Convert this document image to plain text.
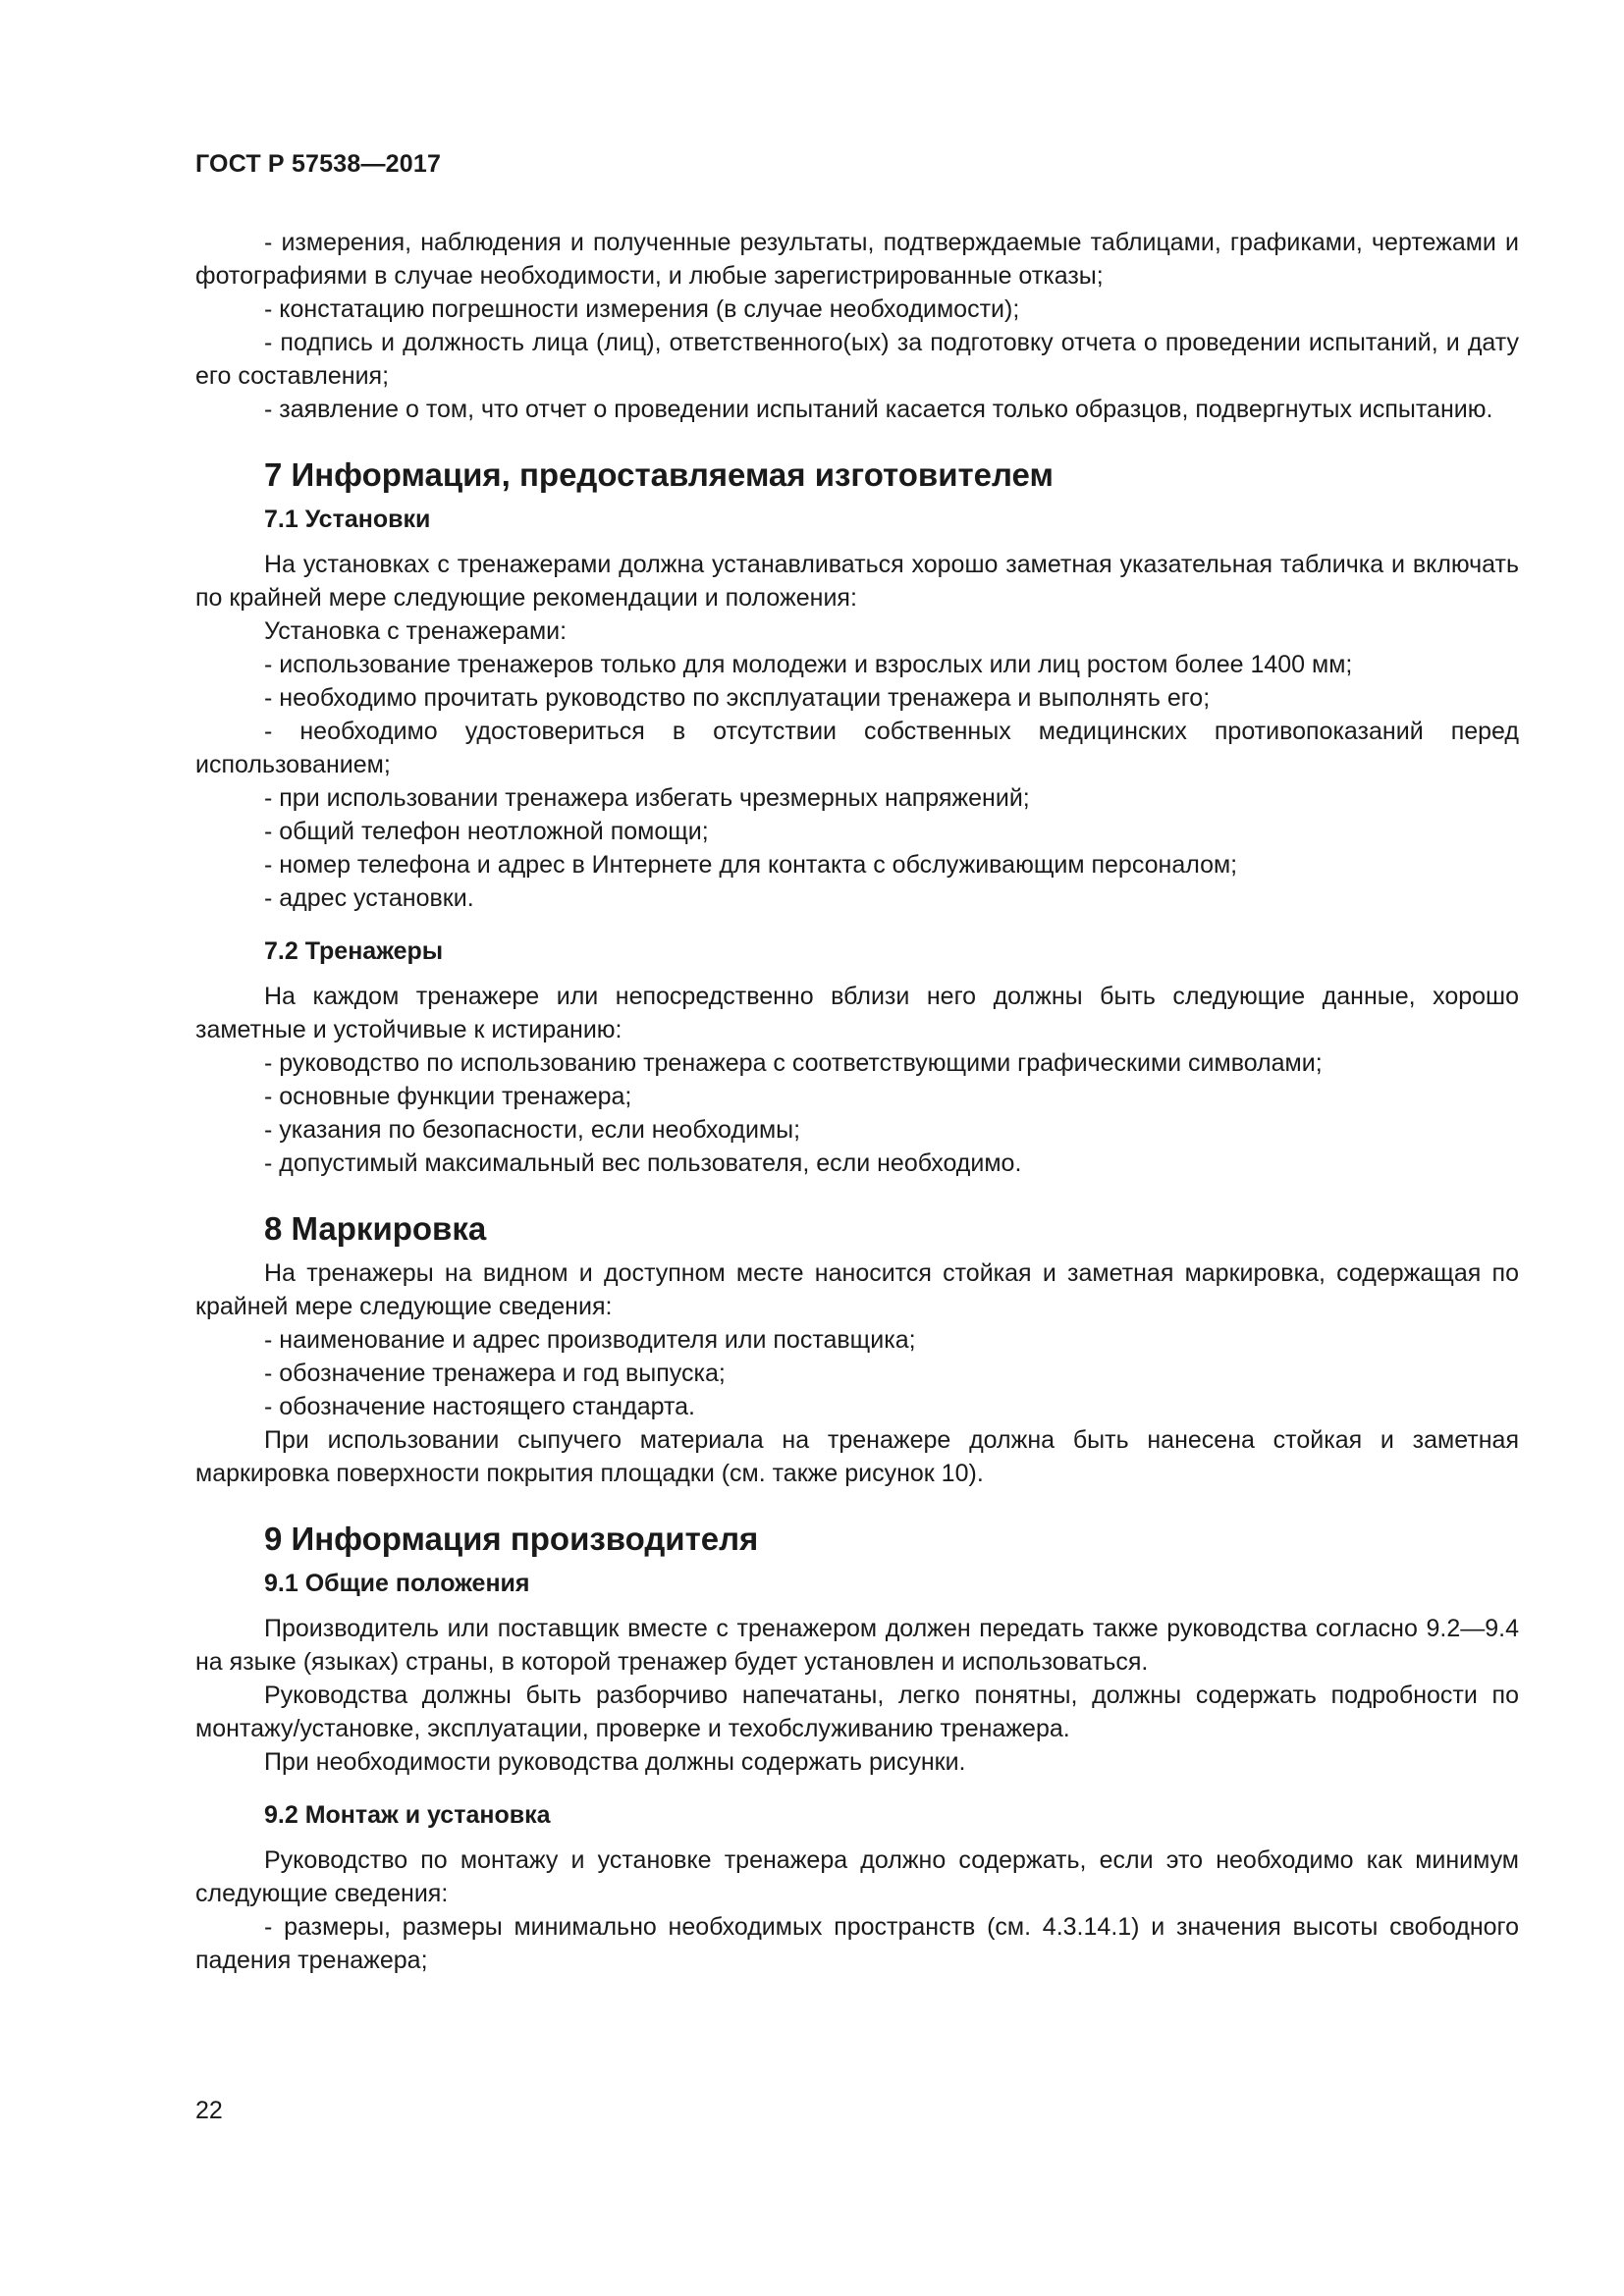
ГОСТ Р 57538—2017
- измерения, наблюдения и полученные результаты, подтверждаемые таблицами, графиками, чертежами и фотографиями в случае необходимости, и любые зарегистрированные отказы;
- констатацию погрешности измерения (в случае необходимости);
- подпись и должность лица (лиц), ответственного(ых) за подготовку отчета о проведении испытаний, и дату его составления;
- заявление о том, что отчет о проведении испытаний касается только образцов, подвергнутых испытанию.
7 Информация, предоставляемая изготовителем
7.1 Установки
На установках с тренажерами должна устанавливаться хорошо заметная указательная табличка и включать по крайней мере следующие рекомендации и положения:
Установка с тренажерами:
- использование тренажеров только для молодежи и взрослых или лиц ростом более 1400 мм;
- необходимо прочитать руководство по эксплуатации тренажера и выполнять его;
- необходимо удостовериться в отсутствии собственных медицинских противопоказаний перед использованием;
- при использовании тренажера избегать чрезмерных напряжений;
- общий телефон неотложной помощи;
- номер телефона и адрес в Интернете для контакта с обслуживающим персоналом;
- адрес установки.
7.2 Тренажеры
На каждом тренажере или непосредственно вблизи него должны быть следующие данные, хорошо заметные и устойчивые к истиранию:
- руководство по использованию тренажера с соответствующими графическими символами;
- основные функции тренажера;
- указания по безопасности, если необходимы;
- допустимый максимальный вес пользователя, если необходимо.
8 Маркировка
На тренажеры на видном и доступном месте наносится стойкая и заметная маркировка, содержащая по крайней мере следующие сведения:
- наименование и адрес производителя или поставщика;
- обозначение тренажера и год выпуска;
- обозначение настоящего стандарта.
При использовании сыпучего материала на тренажере должна быть нанесена стойкая и заметная маркировка поверхности покрытия площадки (см. также рисунок 10).
9 Информация производителя
9.1 Общие положения
Производитель или поставщик вместе с тренажером должен передать также руководства согласно 9.2—9.4 на языке (языках) страны, в которой тренажер будет установлен и использоваться.
Руководства должны быть разборчиво напечатаны, легко понятны, должны содержать подробности по монтажу/установке, эксплуатации, проверке и техобслуживанию тренажера.
При необходимости руководства должны содержать рисунки.
9.2 Монтаж и установка
Руководство по монтажу и установке тренажера должно содержать, если это необходимо как минимум следующие сведения:
- размеры, размеры минимально необходимых пространств (см. 4.3.14.1) и значения высоты свободного падения тренажера;
22
